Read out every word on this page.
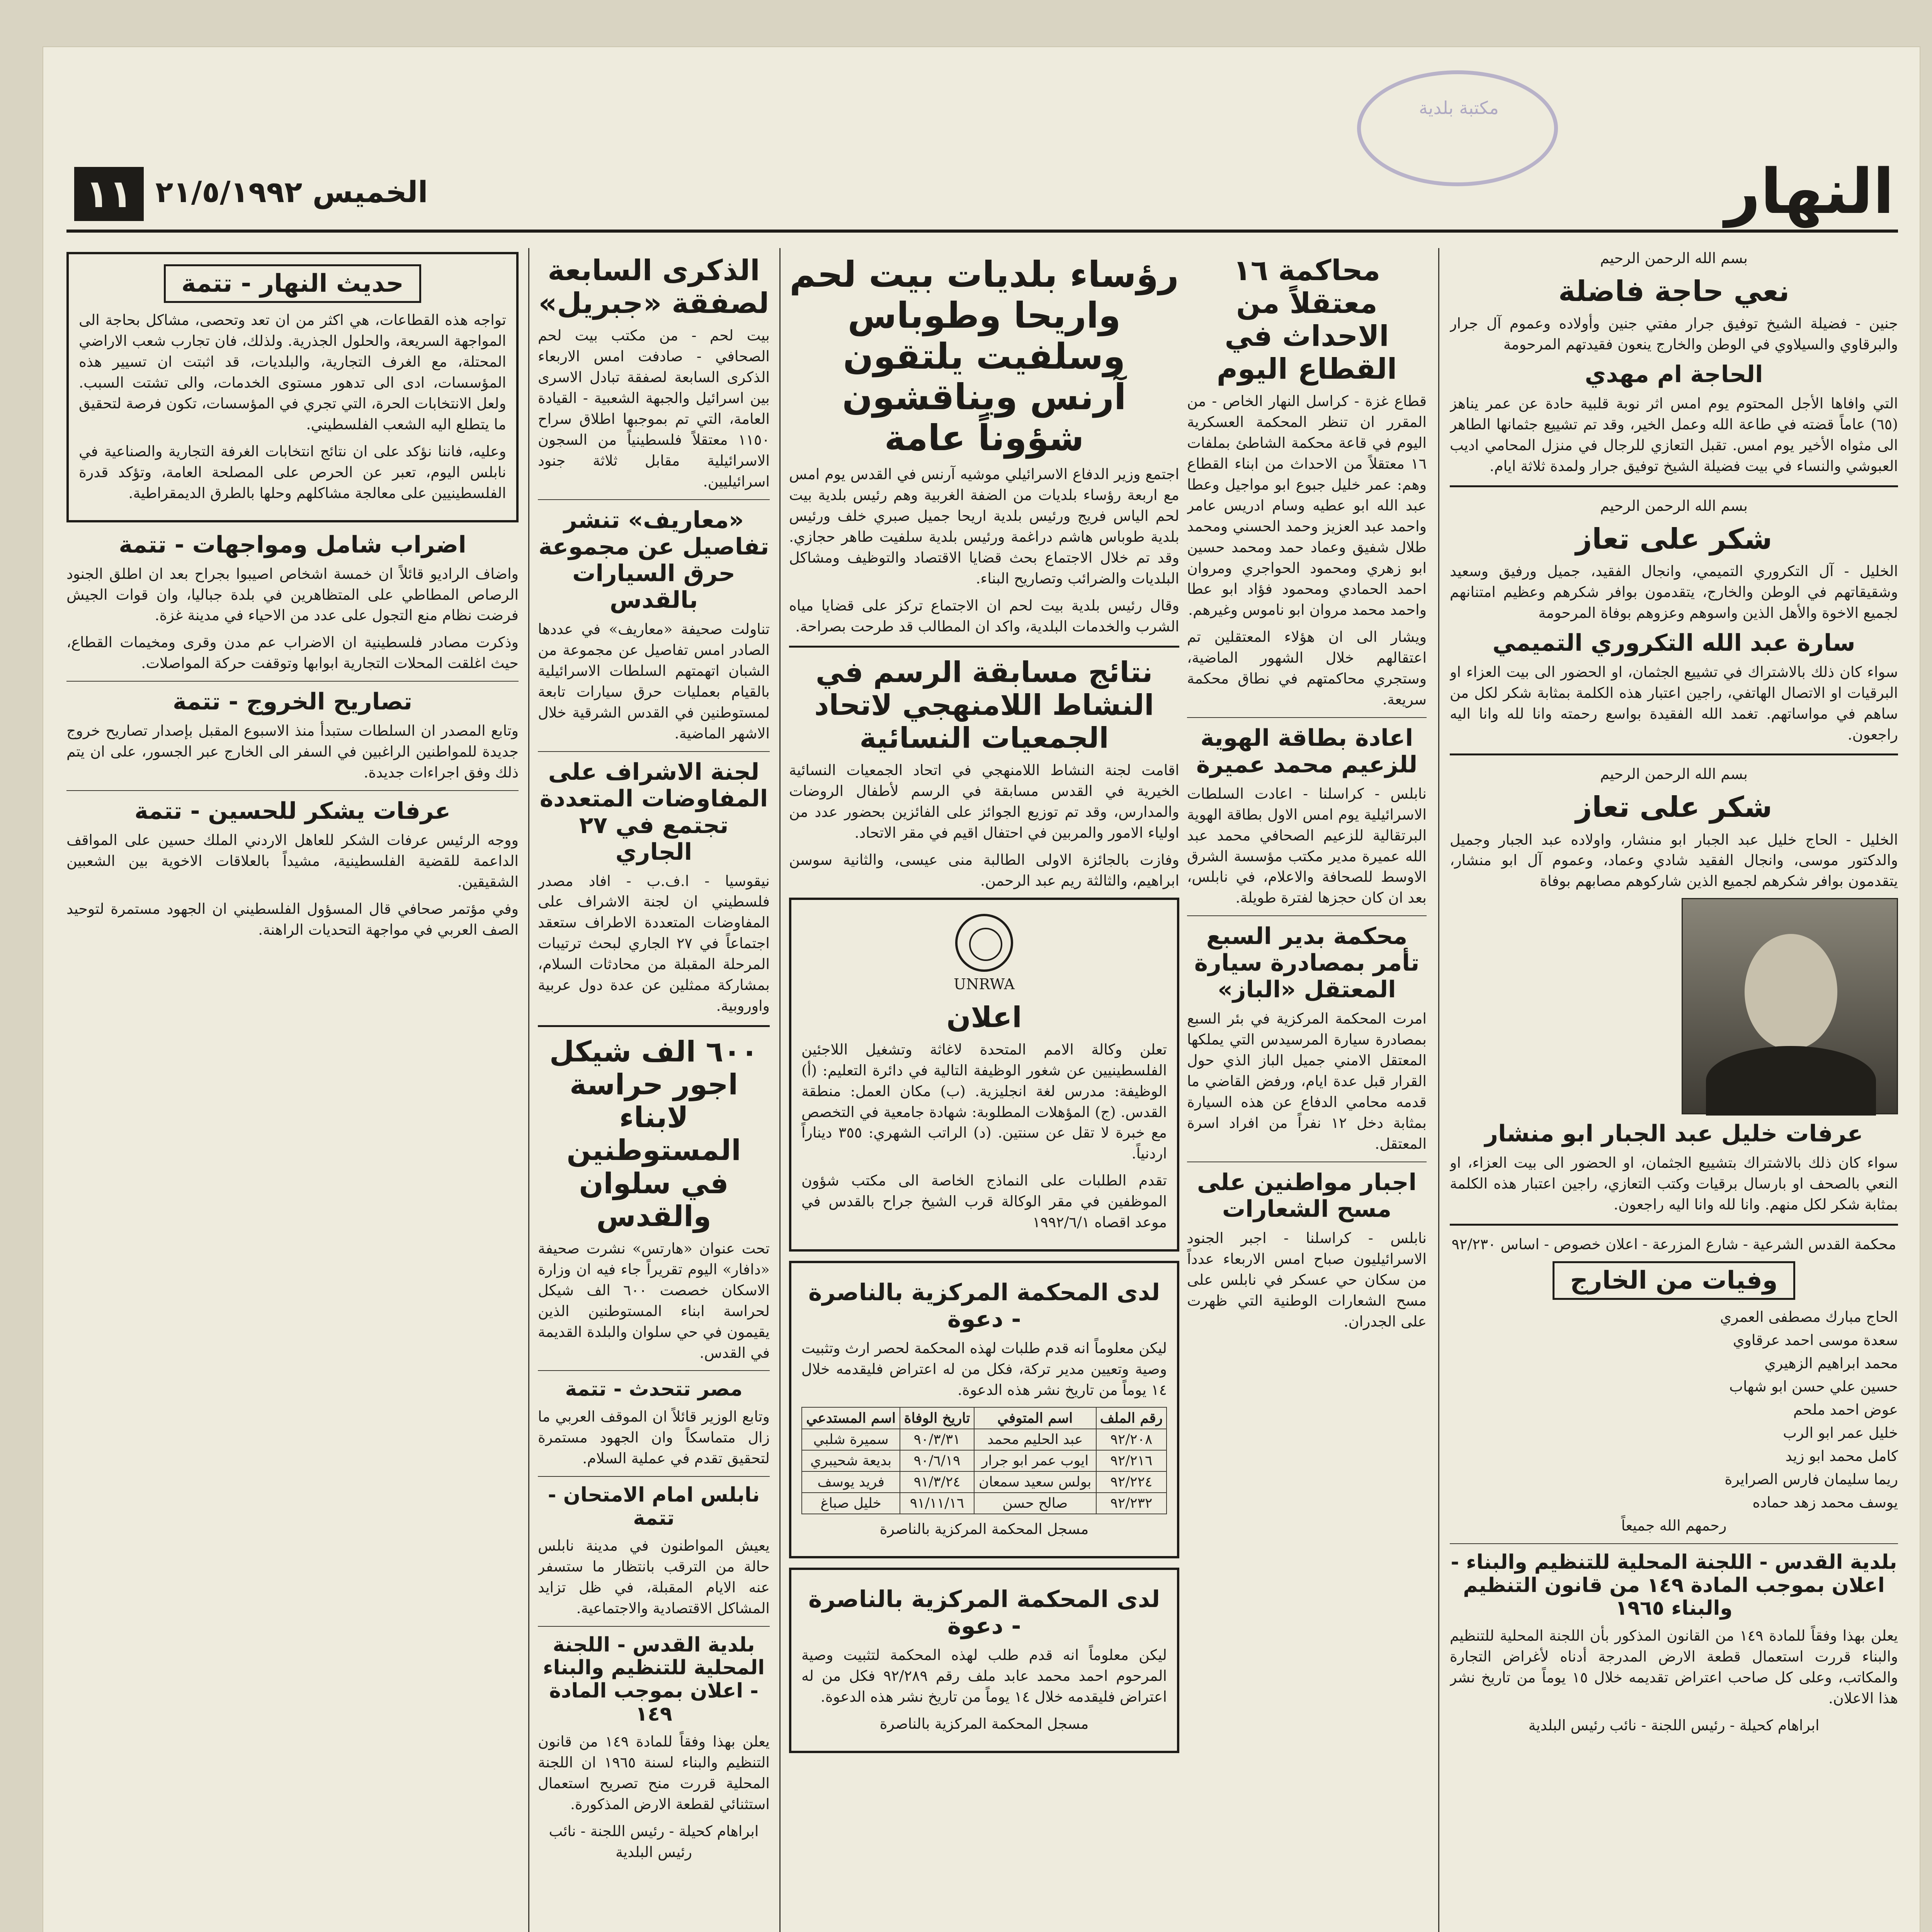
مكتبة بلدية
النهار
الخميس ٢١/٥/١٩٩٢
١١

بسم الله الرحمن الرحيم

نعي حاجة فاضلة

جنين - فضيلة الشيخ توفيق جرار مفتي جنين وأولاده وعموم آل جرار والبرقاوي والسيلاوي في الوطن والخارج ينعون فقيدتهم المرحومة

الحاجة ام مهدي

التي وافاها الأجل المحتوم يوم امس اثر نوبة قلبية حادة عن عمر يناهز (٦٥) عاماً قضته في طاعة الله وعمل الخير، وقد تم تشييع جثمانها الطاهر الى مثواه الأخير يوم امس. تقبل التعازي للرجال في منزل المحامي اديب العبوشي والنساء في بيت فضيلة الشيخ توفيق جرار ولمدة ثلاثة ايام.

بسم الله الرحمن الرحيم

شكر على تعاز

الخليل - آل التكروري التميمي، وانجال الفقيد، جميل ورفيق وسعيد وشقيقاتهم في الوطن والخارج، يتقدمون بوافر شكرهم وعظيم امتنانهم لجميع الاخوة والأهل الذين واسوهم وعزوهم بوفاة المرحومة

سارة عبد الله التكروري التميمي

سواء كان ذلك بالاشتراك في تشييع الجثمان، او الحضور الى بيت العزاء او البرقيات او الاتصال الهاتفي، راجين اعتبار هذه الكلمة بمثابة شكر لكل من ساهم في مواساتهم. تغمد الله الفقيدة بواسع رحمته وانا لله وانا اليه راجعون.

بسم الله الرحمن الرحيم

شكر على تعاز

الخليل - الحاج خليل عبد الجبار ابو منشار، واولاده عبد الجبار وجميل والدكتور موسى، وانجال الفقيد شادي وعماد، وعموم آل ابو منشار، يتقدمون بوافر شكرهم لجميع الذين شاركوهم مصابهم بوفاة

عرفات خليل عبد الجبار ابو منشار

سواء كان ذلك بالاشتراك بتشييع الجثمان، او الحضور الى بيت العزاء، او النعي بالصحف او بارسال برقيات وكتب التعازي، راجين اعتبار هذه الكلمة بمثابة شكر لكل منهم. وانا لله وانا اليه راجعون.

محكمة القدس الشرعية - شارع المزرعة - اعلان خصوص - اساس ٩٢/٢٣٠

وفيات من الخارج

الحاج مبارك مصطفى العمري

سعدة موسى احمد عرقاوي

محمد ابراهيم الزهيري

حسين علي حسن ابو شهاب

عوض احمد ملحم

خليل عمر ابو الرب

كامل محمد ابو زيد

ريما سليمان فارس الصرايرة

يوسف محمد زهد حماده

رحمهم الله جميعاً

بلدية القدس - اللجنة المحلية للتنظيم والبناء - اعلان بموجب المادة ١٤٩ من قانون التنظيم والبناء ١٩٦٥

يعلن بهذا وفقاً للمادة ١٤٩ من القانون المذكور بأن اللجنة المحلية للتنظيم والبناء قررت استعمال قطعة الارض المدرجة أدناه لأغراض التجارة والمكاتب، وعلى كل صاحب اعتراض تقديمه خلال ١٥ يوماً من تاريخ نشر هذا الاعلان.

ابراهام كحيلة - رئيس اللجنة - نائب رئيس البلدية

محاكمة ١٦ معتقلاً من الاحداث في القطاع اليوم

قطاع غزة - كراسل النهار الخاص - من المقرر ان تنظر المحكمة العسكرية اليوم في قاعة محكمة الشاطئ بملفات ١٦ معتقلاً من الاحداث من ابناء القطاع وهم: عمر خليل جبوع ابو مواجيل وعطا عبد الله ابو عطيه وسام ادريس عامر واحمد عبد العزيز وحمد الحسني ومحمد طلال شفيق وعماد حمد ومحمد حسين ابو زهري ومحمود الحواجري ومروان احمد الحمادي ومحمود فؤاد ابو عطا واحمد محمد مروان ابو ناموس وغيرهم.

ويشار الى ان هؤلاء المعتقلين تم اعتقالهم خلال الشهور الماضية، وستجري محاكمتهم في نطاق محكمة سريعة.

اعادة بطاقة الهوية للزعيم محمد عميرة

نابلس - كراسلنا - اعادت السلطات الاسرائيلية يوم امس الاول بطاقة الهوية البرتقالية للزعيم الصحافي محمد عبد الله عميرة مدير مكتب مؤسسة الشرق الاوسط للصحافة والاعلام، في نابلس، بعد ان كان حجزها لفترة طويلة.

محكمة بدير السبع تأمر بمصادرة سيارة المعتقل «الباز»

امرت المحكمة المركزية في بئر السبع بمصادرة سيارة المرسيدس التي يملكها المعتقل الامني جميل الباز الذي حول القرار قبل عدة ايام، ورفض القاضي ما قدمه محامي الدفاع عن هذه السيارة بمثابة دخل ١٢ نفراً من افراد اسرة المعتقل.

اجبار مواطنين على مسح الشعارات

نابلس - كراسلنا - اجبر الجنود الاسرائيليون صباح امس الاربعاء عدداً من سكان حي عسكر في نابلس على مسح الشعارات الوطنية التي ظهرت على الجدران.

رؤساء بلديات بيت لحم واريحا وطوباس وسلفيت يلتقون آرنس ويناقشون شؤوناً عامة

اجتمع وزير الدفاع الاسرائيلي موشيه آرنس في القدس يوم امس مع اربعة رؤساء بلديات من الضفة الغربية وهم رئيس بلدية بيت لحم الياس فريج ورئيس بلدية اريحا جميل صبري خلف ورئيس بلدية طوباس هاشم دراغمة ورئيس بلدية سلفيت طاهر حجازي. وقد تم خلال الاجتماع بحث قضايا الاقتصاد والتوظيف ومشاكل البلديات والضرائب وتصاريح البناء.

وقال رئيس بلدية بيت لحم ان الاجتماع تركز على قضايا مياه الشرب والخدمات البلدية، واكد ان المطالب قد طرحت بصراحة.

نتائج مسابقة الرسم في النشاط اللامنهجي لاتحاد الجمعيات النسائية

اقامت لجنة النشاط اللامنهجي في اتحاد الجمعيات النسائية الخيرية في القدس مسابقة في الرسم لأطفال الروضات والمدارس، وقد تم توزيع الجوائز على الفائزين بحضور عدد من اولياء الامور والمربين في احتفال اقيم في مقر الاتحاد.

وفازت بالجائزة الاولى الطالبة منى عيسى، والثانية سوسن ابراهيم، والثالثة ريم عبد الرحمن.

UNRWA

اعلان

تعلن وكالة الامم المتحدة لاغاثة وتشغيل اللاجئين الفلسطينيين عن شغور الوظيفة التالية في دائرة التعليم: (أ) الوظيفة: مدرس لغة انجليزية. (ب) مكان العمل: منطقة القدس. (ج) المؤهلات المطلوبة: شهادة جامعية في التخصص مع خبرة لا تقل عن سنتين. (د) الراتب الشهري: ٣٥٥ ديناراً اردنياً.

تقدم الطلبات على النماذج الخاصة الى مكتب شؤون الموظفين في مقر الوكالة قرب الشيخ جراح بالقدس في موعد اقصاه ١٩٩٢/٦/١

لدى المحكمة المركزية بالناصرة - دعوة

ليكن معلوماً انه قدم طلبات لهذه المحكمة لحصر ارث وتثبيت وصية وتعيين مدير تركة، فكل من له اعتراض فليقدمه خلال ١٤ يوماً من تاريخ نشر هذه الدعوة.

رقم الملف	اسم المتوفي	تاريخ الوفاة	اسم المستدعي
٩٢/٢٠٨	عبد الحليم محمد	٩٠/٣/٣١	سميرة شلبي
٩٢/٢١٦	ايوب عمر ابو جرار	٩٠/٦/١٩	بديعة شحيبري
٩٢/٢٢٤	بولس سعيد سمعان	٩١/٣/٢٤	فريد يوسف
٩٢/٢٣٢	صالح حسن	٩١/١١/١٦	خليل صباغ

مسجل المحكمة المركزية بالناصرة

لدى المحكمة المركزية بالناصرة - دعوة

ليكن معلوماً انه قدم طلب لهذه المحكمة لتثبيت وصية المرحوم احمد محمد عابد ملف رقم ٩٢/٢٨٩ فكل من له اعتراض فليقدمه خلال ١٤ يوماً من تاريخ نشر هذه الدعوة.

مسجل المحكمة المركزية بالناصرة

الذكرى السابعة لصفقة «جبريل»

بيت لحم - من مكتب بيت لحم الصحافي - صادفت امس الاربعاء الذكرى السابعة لصفقة تبادل الاسرى بين اسرائيل والجبهة الشعبية - القيادة العامة، التي تم بموجبها اطلاق سراح ١١٥٠ معتقلاً فلسطينياً من السجون الاسرائيلية مقابل ثلاثة جنود اسرائيليين.

«معاريف» تنشر تفاصيل عن مجموعة حرق السيارات بالقدس

تناولت صحيفة «معاريف» في عددها الصادر امس تفاصيل عن مجموعة من الشبان اتهمتهم السلطات الاسرائيلية بالقيام بعمليات حرق سيارات تابعة لمستوطنين في القدس الشرقية خلال الاشهر الماضية.

لجنة الاشراف على المفاوضات المتعددة تجتمع في ٢٧ الجاري

نيقوسيا - ا.ف.ب - افاد مصدر فلسطيني ان لجنة الاشراف على المفاوضات المتعددة الاطراف ستعقد اجتماعاً في ٢٧ الجاري لبحث ترتيبات المرحلة المقبلة من محادثات السلام، بمشاركة ممثلين عن عدة دول عربية واوروبية.

٦٠٠ الف شيكل اجور حراسة لابناء المستوطنين في سلوان والقدس

تحت عنوان «هارتس» نشرت صحيفة «دافار» اليوم تقريراً جاء فيه ان وزارة الاسكان خصصت ٦٠٠ الف شيكل لحراسة ابناء المستوطنين الذين يقيمون في حي سلوان والبلدة القديمة في القدس.

مصر تتحدث - تتمة

وتابع الوزير قائلاً ان الموقف العربي ما زال متماسكاً وان الجهود مستمرة لتحقيق تقدم في عملية السلام.

نابلس امام الامتحان - تتمة

يعيش المواطنون في مدينة نابلس حالة من الترقب بانتظار ما ستسفر عنه الايام المقبلة، في ظل تزايد المشاكل الاقتصادية والاجتماعية.

بلدية القدس - اللجنة المحلية للتنظيم والبناء - اعلان بموجب المادة ١٤٩

يعلن بهذا وفقاً للمادة ١٤٩ من قانون التنظيم والبناء لسنة ١٩٦٥ ان اللجنة المحلية قررت منح تصريح استعمال استثنائي لقطعة الارض المذكورة.

ابراهام كحيلة - رئيس اللجنة - نائب رئيس البلدية

حديث النهار - تتمة

تواجه هذه القطاعات، هي اكثر من ان تعد وتحصى، مشاكل بحاجة الى المواجهة السريعة، والحلول الجذرية. ولذلك، فان تجارب شعب الاراضي المحتلة، مع الغرف التجارية، والبلديات، قد اثبتت ان تسيير هذه المؤسسات، ادى الى تدهور مستوى الخدمات، والى تشتت السبب. ولعل الانتخابات الحرة، التي تجري في المؤسسات، تكون فرصة لتحقيق ما يتطلع اليه الشعب الفلسطيني.

وعليه، فاننا نؤكد على ان نتائج انتخابات الغرفة التجارية والصناعية في نابلس اليوم، تعبر عن الحرص على المصلحة العامة، وتؤكد قدرة الفلسطينيين على معالجة مشاكلهم وحلها بالطرق الديمقراطية.

اضراب شامل ومواجهات - تتمة

واضاف الراديو قائلاً ان خمسة اشخاص اصيبوا بجراح بعد ان اطلق الجنود الرصاص المطاطي على المتظاهرين في بلدة جباليا، وان قوات الجيش فرضت نظام منع التجول على عدد من الاحياء في مدينة غزة.

وذكرت مصادر فلسطينية ان الاضراب عم مدن وقرى ومخيمات القطاع، حيث اغلقت المحلات التجارية ابوابها وتوقفت حركة المواصلات.

تصاريح الخروج - تتمة

وتابع المصدر ان السلطات ستبدأ منذ الاسبوع المقبل بإصدار تصاريح خروج جديدة للمواطنين الراغبين في السفر الى الخارج عبر الجسور، على ان يتم ذلك وفق اجراءات جديدة.

عرفات يشكر للحسين - تتمة

ووجه الرئيس عرفات الشكر للعاهل الاردني الملك حسين على المواقف الداعمة للقضية الفلسطينية، مشيداً بالعلاقات الاخوية بين الشعبين الشقيقين.

وفي مؤتمر صحافي قال المسؤول الفلسطيني ان الجهود مستمرة لتوحيد الصف العربي في مواجهة التحديات الراهنة.
